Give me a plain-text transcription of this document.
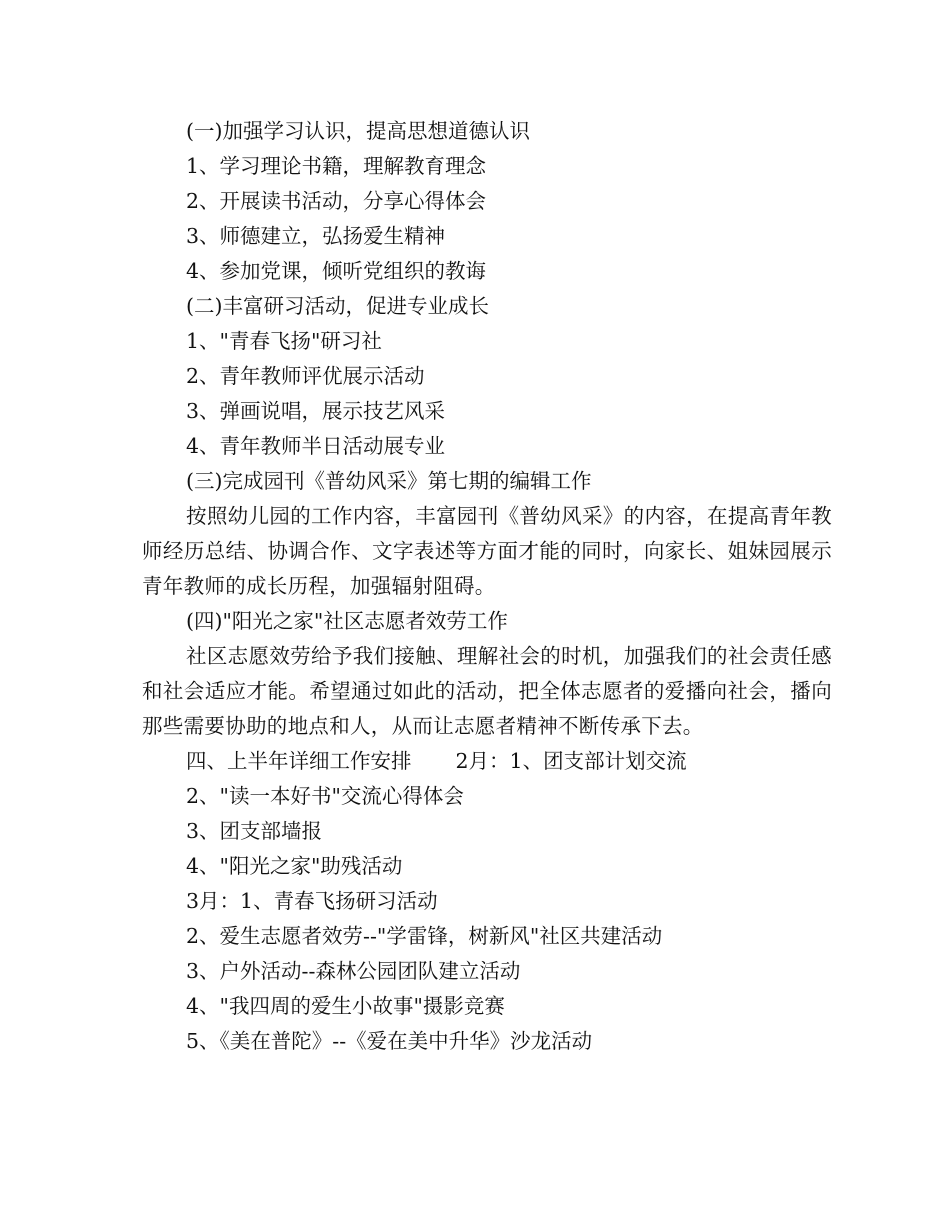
(一)加强学习认识，提高思想道德认识

1、学习理论书籍，理解教育理念

2、开展读书活动，分享心得体会

3、师德建立，弘扬爱生精神

4、参加党课，倾听党组织的教诲

(二)丰富研习活动，促进专业成长

1、"青春飞扬"研习社

2、青年教师评优展示活动

3、弹画说唱，展示技艺风采

4、青年教师半日活动展专业

(三)完成园刊《普幼风采》第七期的编辑工作

按照幼儿园的工作内容，丰富园刊《普幼风采》的内容，在提高青年教师经历总结、协调合作、文字表述等方面才能的同时，向家长、姐妹园展示青年教师的成长历程，加强辐射阻碍。

(四)"阳光之家"社区志愿者效劳工作

社区志愿效劳给予我们接触、理解社会的时机，加强我们的社会责任感和社会适应才能。希望通过如此的活动，把全体志愿者的爱播向社会，播向那些需要协助的地点和人，从而让志愿者精神不断传承下去。

四、上半年详细工作安排 2月：1、团支部计划交流

2、"读一本好书"交流心得体会

3、团支部墙报

4、"阳光之家"助残活动

3月：1、青春飞扬研习活动

2、爱生志愿者效劳--"学雷锋，树新风"社区共建活动

3、户外活动--森林公园团队建立活动

4、"我四周的爱生小故事"摄影竞赛

5、《美在普陀》--《爱在美中升华》沙龙活动
